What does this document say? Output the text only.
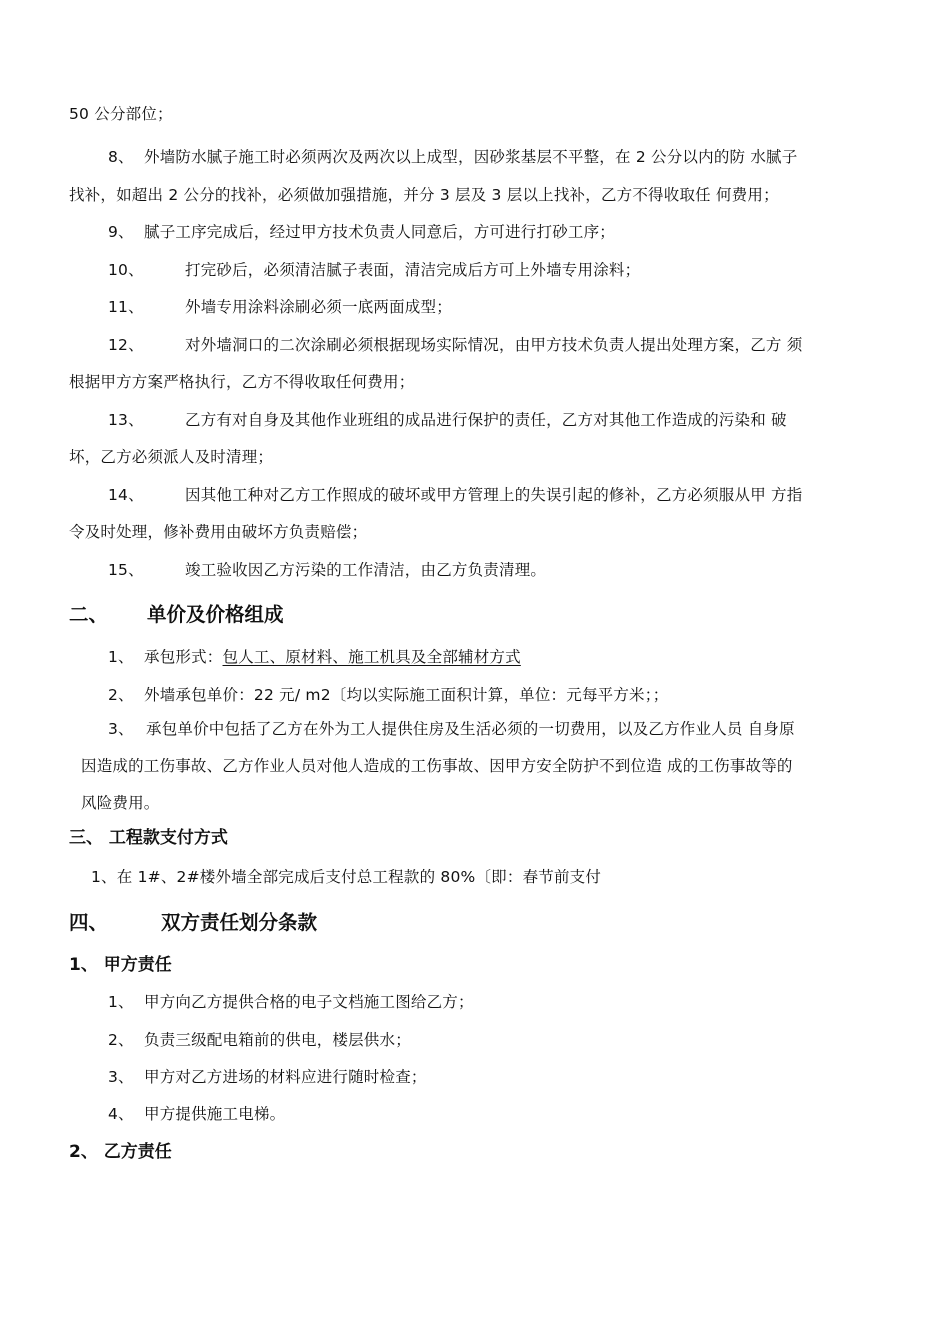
50 公分部位；
8、 外墙防水腻子施工时必须两次及两次以上成型，因砂浆基层不平整，在 2 公分以内的防 水腻子
找补，如超出 2 公分的找补，必须做加强措施，并分 3 层及 3 层以上找补，乙方不得收取任 何费用；
9、 腻子工序完成后，经过甲方技术负责人同意后，方可进行打砂工序；
10、	打完砂后，必须清洁腻子表面，清洁完成后方可上外墙专用涂料；
11、	外墙专用涂料涂刷必须一底两面成型；
12、	对外墙洞口的二次涂刷必须根据现场实际情况，由甲方技术负责人提出处理方案，乙方 须
根据甲方方案严格执行，乙方不得收取任何费用；
13、	乙方有对自身及其他作业班组的成品进行保护的责任，乙方对其他工作造成的污染和 破
坏，乙方必须派人及时清理；
14、	因其他工种对乙方工作照成的破坏或甲方管理上的失误引起的修补，乙方必须服从甲 方指
令及时处理，修补费用由破坏方负责赔偿；
15、	竣工验收因乙方污染的工作清洁，由乙方负责清理。
二、 单价及价格组成
1、 承包形式：包人工、原材料、施工机具及全部辅材方式
2、 外墙承包单价：22 元/ m2〔均以实际施工面积计算，单位：元每平方米；；
3、 承包单价中包括了乙方在外为工人提供住房及生活必须的一切费用，以及乙方作业人员 自身原
因造成的工伤事故、乙方作业人员对他人造成的工伤事故、因甲方安全防护不到位造 成的工伤事故等的
风险费用。
三、 工程款支付方式
1、在 1#、2#楼外墙全部完成后支付总工程款的 80%〔即：春节前支付
四、	双方责任划分条款
1、 甲方责任
1、 甲方向乙方提供合格的电子文档施工图给乙方；
2、 负责三级配电箱前的供电，楼层供水；
3、 甲方对乙方进场的材料应进行随时检查；
4、 甲方提供施工电梯。
2、 乙方责任
